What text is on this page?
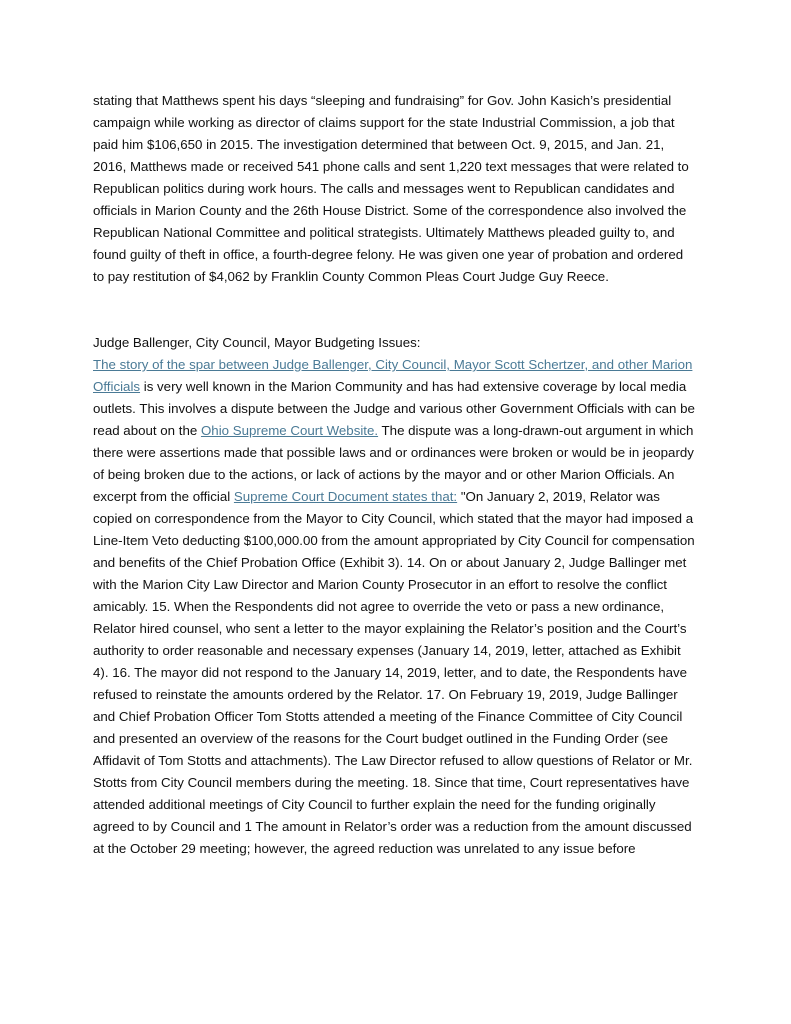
stating that Matthews spent his days “sleeping and fundraising” for Gov. John Kasich’s presidential campaign while working as director of claims support for the state Industrial Commission, a job that paid him $106,650 in 2015. The investigation determined that between Oct. 9, 2015, and Jan. 21, 2016, Matthews made or received 541 phone calls and sent 1,220 text messages that were related to Republican politics during work hours. The calls and messages went to Republican candidates and officials in Marion County and the 26th House District. Some of the correspondence also involved the Republican National Committee and political strategists. Ultimately Matthews pleaded guilty to, and found guilty of theft in office, a fourth-degree felony. He was given one year of probation and ordered to pay restitution of $4,062 by Franklin County Common Pleas Court Judge Guy Reece.

Judge Ballenger, City Council, Mayor Budgeting Issues:

The story of the spar between Judge Ballenger, City Council, Mayor Scott Schertzer, and other Marion Officials is very well known in the Marion Community and has had extensive coverage by local media outlets. This involves a dispute between the Judge and various other Government Officials with can be read about on the Ohio Supreme Court Website. The dispute was a long-drawn-out argument in which there were assertions made that possible laws and or ordinances were broken or would be in jeopardy of being broken due to the actions, or lack of actions by the mayor and or other Marion Officials. An excerpt from the official Supreme Court Document states that: "On January 2, 2019, Relator was copied on correspondence from the Mayor to City Council, which stated that the mayor had imposed a Line-Item Veto deducting $100,000.00 from the amount appropriated by City Council for compensation and benefits of the Chief Probation Office (Exhibit 3). 14. On or about January 2, Judge Ballinger met with the Marion City Law Director and Marion County Prosecutor in an effort to resolve the conflict amicably. 15. When the Respondents did not agree to override the veto or pass a new ordinance, Relator hired counsel, who sent a letter to the mayor explaining the Relator’s position and the Court’s authority to order reasonable and necessary expenses (January 14, 2019, letter, attached as Exhibit 4). 16. The mayor did not respond to the January 14, 2019, letter, and to date, the Respondents have refused to reinstate the amounts ordered by the Relator. 17. On February 19, 2019, Judge Ballinger and Chief Probation Officer Tom Stotts attended a meeting of the Finance Committee of City Council and presented an overview of the reasons for the Court budget outlined in the Funding Order (see Affidavit of Tom Stotts and attachments). The Law Director refused to allow questions of Relator or Mr. Stotts from City Council members during the meeting. 18. Since that time, Court representatives have attended additional meetings of City Council to further explain the need for the funding originally agreed to by Council and 1 The amount in Relator’s order was a reduction from the amount discussed at the October 29 meeting; however, the agreed reduction was unrelated to any issue before
